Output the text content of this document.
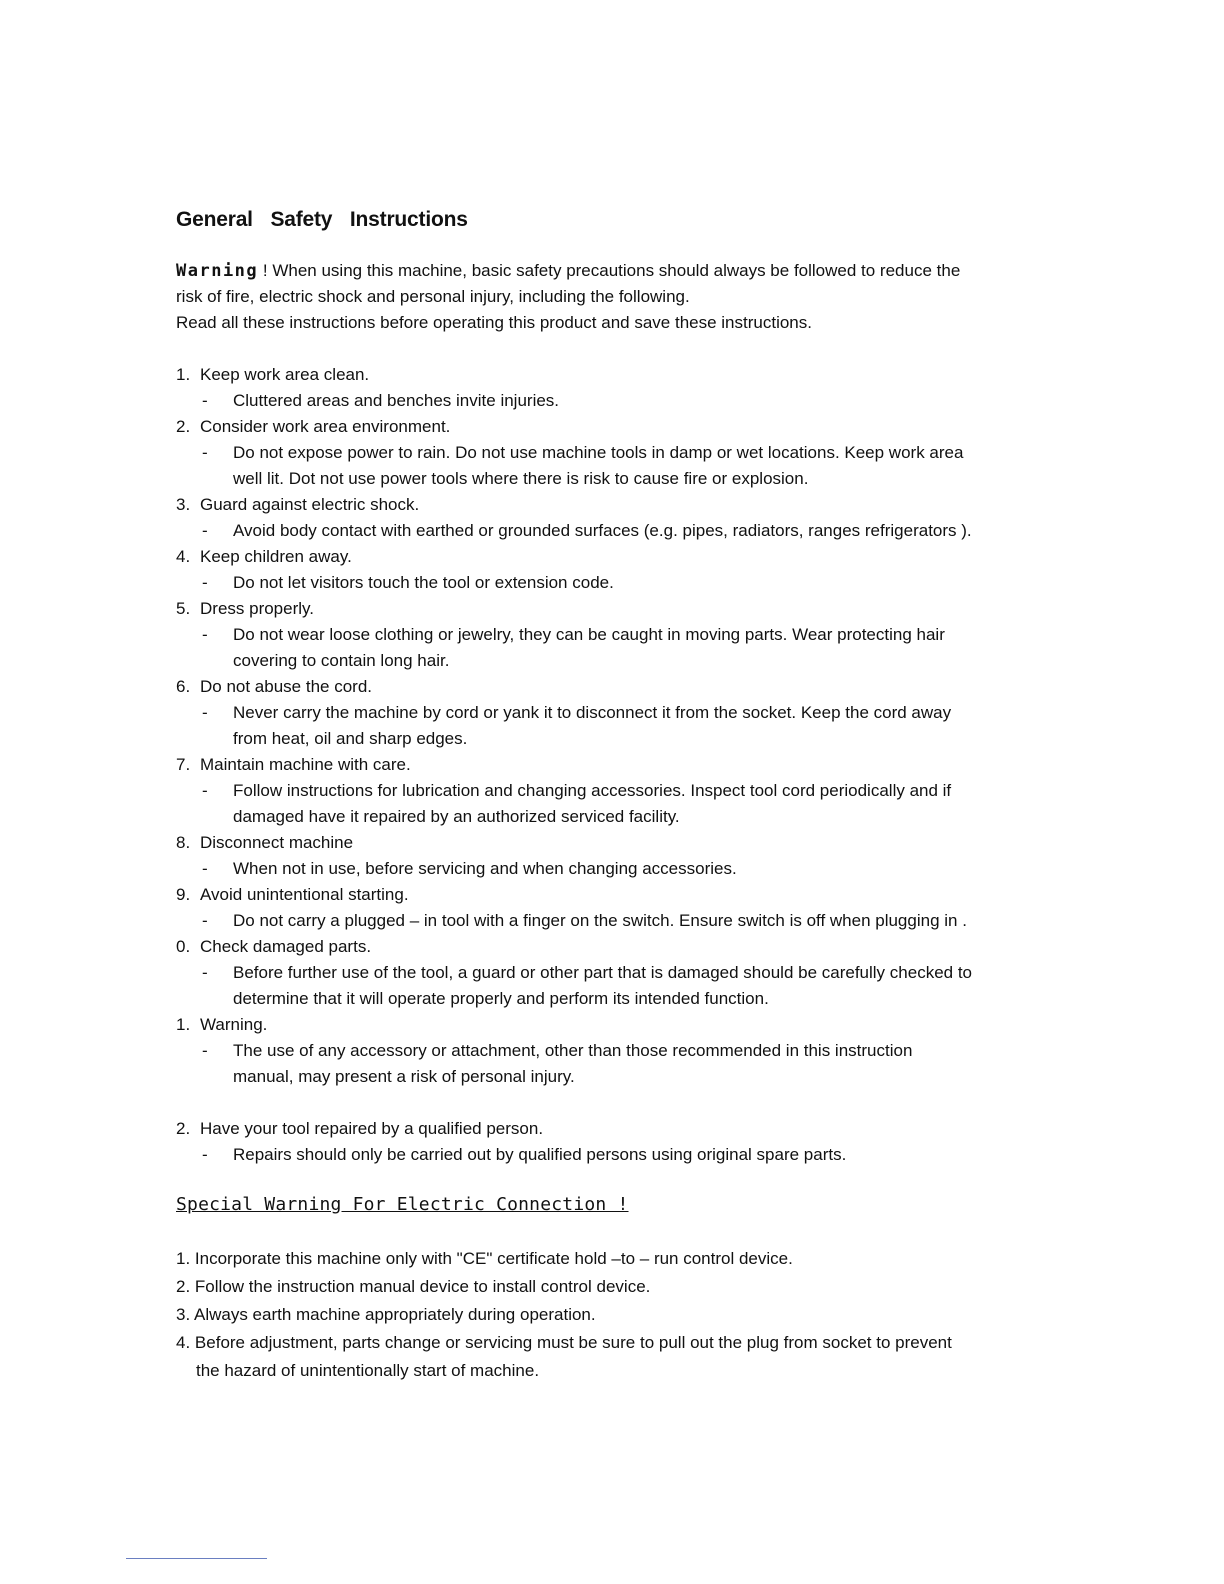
General Safety Instructions
Warning ! When using this machine, basic safety precautions should always be followed to reduce the
risk of fire, electric shock and personal injury, including the following.
Read all these instructions before operating this product and save these instructions.
1. Keep work area clean.
- Cluttered areas and benches invite injuries.
2. Consider work area environment.
- Do not expose power to rain. Do not use machine tools in damp or wet locations. Keep work area
well lit. Dot not use power tools where there is risk to cause fire or explosion.
3. Guard against electric shock.
- Avoid body contact with earthed or grounded surfaces (e.g. pipes, radiators, ranges refrigerators ).
4. Keep children away.
- Do not let visitors touch the tool or extension code.
5. Dress properly.
- Do not wear loose clothing or jewelry, they can be caught in moving parts. Wear protecting hair
covering to contain long hair.
6. Do not abuse the cord.
- Never carry the machine by cord or yank it to disconnect it from the socket. Keep the cord away
from heat, oil and sharp edges.
7. Maintain machine with care.
- Follow instructions for lubrication and changing accessories. Inspect tool cord periodically and if
damaged have it repaired by an authorized serviced facility.
8. Disconnect machine
- When not in use, before servicing and when changing accessories.
9. Avoid unintentional starting.
- Do not carry a plugged – in tool with a finger on the switch. Ensure switch is off when plugging in .
0. Check damaged parts.
- Before further use of the tool, a guard or other part that is damaged should be carefully checked to
determine that it will operate properly and perform its intended function.
1. Warning.
- The use of any accessory or attachment, other than those recommended in this instruction
manual, may present a risk of personal injury.
2. Have your tool repaired by a qualified person.
- Repairs should only be carried out by qualified persons using original spare parts.
Special Warning For Electric Connection !
1. Incorporate this machine only with "CE" certificate hold –to – run control device.
2. Follow the instruction manual device to install control device.
3. Always earth machine appropriately during operation.
4. Before adjustment, parts change or servicing must be sure to pull out the plug from socket to prevent
the hazard of unintentionally start of machine.
